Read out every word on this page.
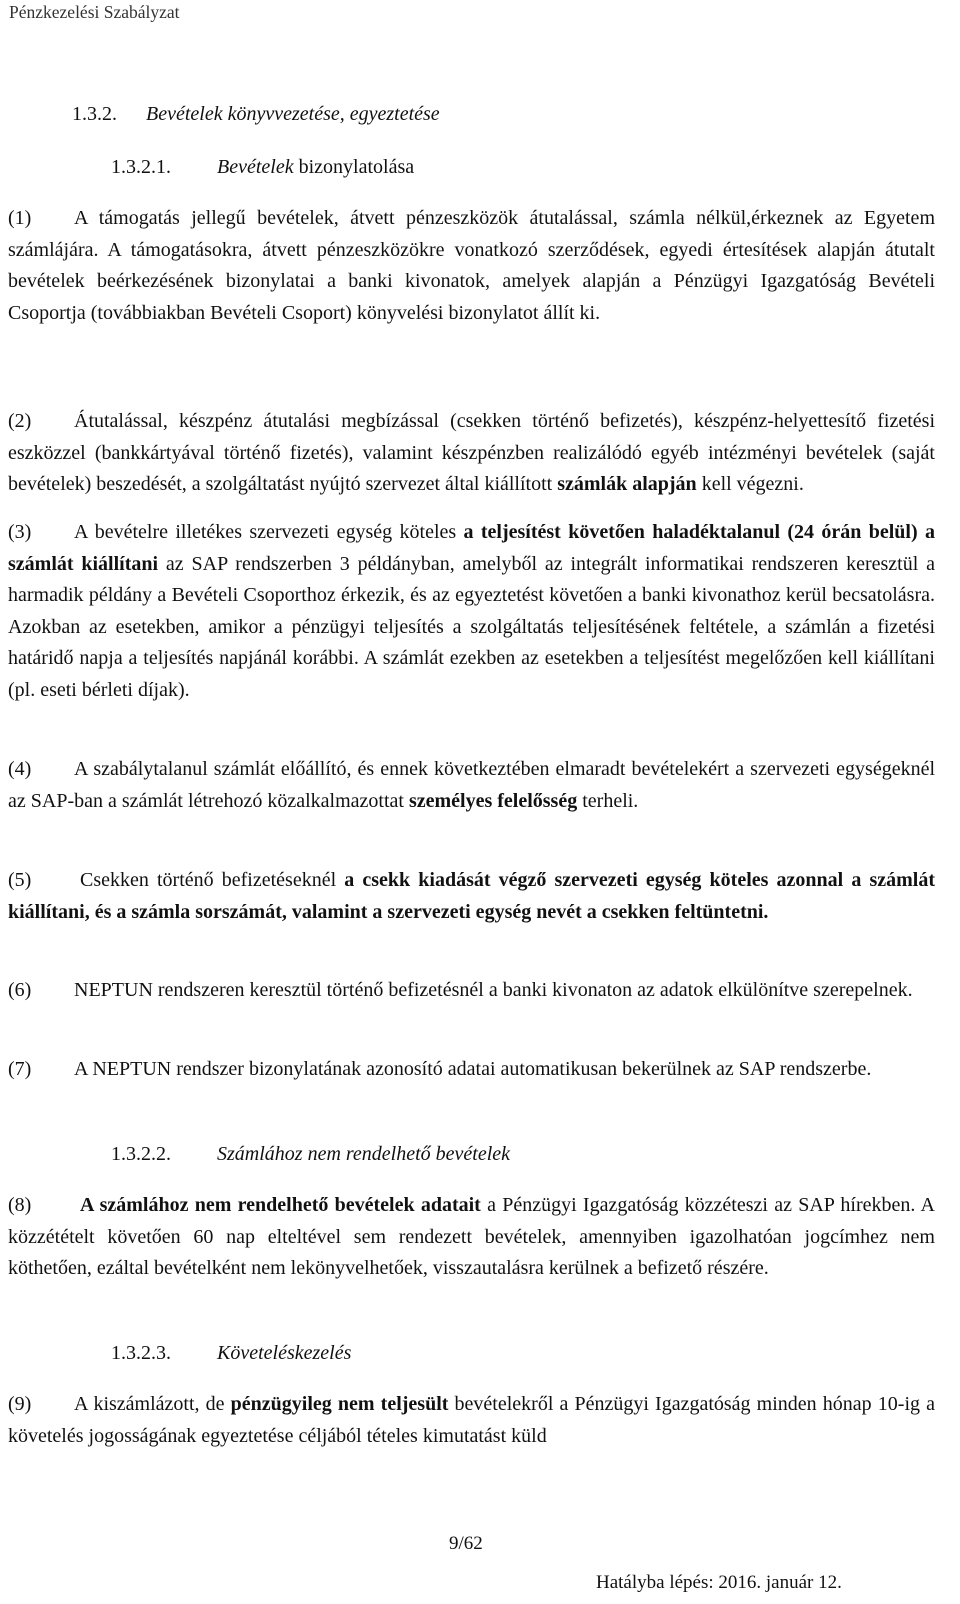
Pénzkezelési Szabályzat
1.3.2. Bevételek könyvvezetése, egyeztetése
1.3.2.1. Bevételek bizonylatolása
(1) A támogatás jellegű bevételek, átvett pénzeszközök átutalással, számla nélkül,érkeznek az Egyetem számlájára. A támogatásokra, átvett pénzeszközökre vonatkozó szerződések, egyedi értesítések alapján átutalt bevételek beérkezésének bizonylatai a banki kivonatok, amelyek alapján a Pénzügyi Igazgatóság Bevételi Csoportja (továbbiakban Bevételi Csoport) könyvelési bizonylatot állít ki.
(2) Átutalással, készpénz átutalási megbízással (csekken történő befizetés), készpénz-helyettesítő fizetési eszközzel (bankkártyával történő fizetés), valamint készpénzben realizálódó egyéb intézményi bevételek (saját bevételek) beszedését, a szolgáltatást nyújtó szervezet által kiállított számlák alapján kell végezni.
(3) A bevételre illetékes szervezeti egység köteles a teljesítést követően haladéktalanul (24 órán belül) a számlát kiállítani az SAP rendszerben 3 példányban, amelyből az integrált informatikai rendszeren keresztül a harmadik példány a Bevételi Csoporthoz érkezik, és az egyeztetést követően a banki kivonathoz kerül becsatolásra. Azokban az esetekben, amikor a pénzügyi teljesítés a szolgáltatás teljesítésének feltétele, a számlán a fizetési határidő napja a teljesítés napjánál korábbi. A számlát ezekben az esetekben a teljesítést megelőzően kell kiállítani (pl. eseti bérleti díjak).
(4) A szabálytalanul számlát előállító, és ennek következtében elmaradt bevételekért a szervezeti egységeknél az SAP-ban a számlát létrehozó közalkalmazottat személyes felelősség terheli.
(5) Csekken történő befizetéseknél a csekk kiadását végző szervezeti egység köteles azonnal a számlát kiállítani, és a számla sorszámát, valamint a szervezeti egység nevét a csekken feltüntetni.
(6) NEPTUN rendszeren keresztül történő befizetésnél a banki kivonaton az adatok elkülönítve szerepelnek.
(7) A NEPTUN rendszer bizonylatának azonosító adatai automatikusan bekerülnek az SAP rendszerbe.
1.3.2.2. Számlához nem rendelhető bevételek
(8) A számlához nem rendelhető bevételek adatait a Pénzügyi Igazgatóság közzéteszi az SAP hírekben. A közzétételt követően 60 nap elteltével sem rendezett bevételek, amennyiben igazolhatóan jogcímhez nem köthetően, ezáltal bevételként nem lekönyvelhetőek, visszautalásra kerülnek a befizető részére.
1.3.2.3. Követeléskezelés
(9) A kiszámlázott, de pénzügyileg nem teljesült bevételekről a Pénzügyi Igazgatóság minden hónap 10-ig a követelés jogosságának egyeztetése céljából tételes kimutatást küld
9/62
Hatályba lépés: 2016. január 12.
